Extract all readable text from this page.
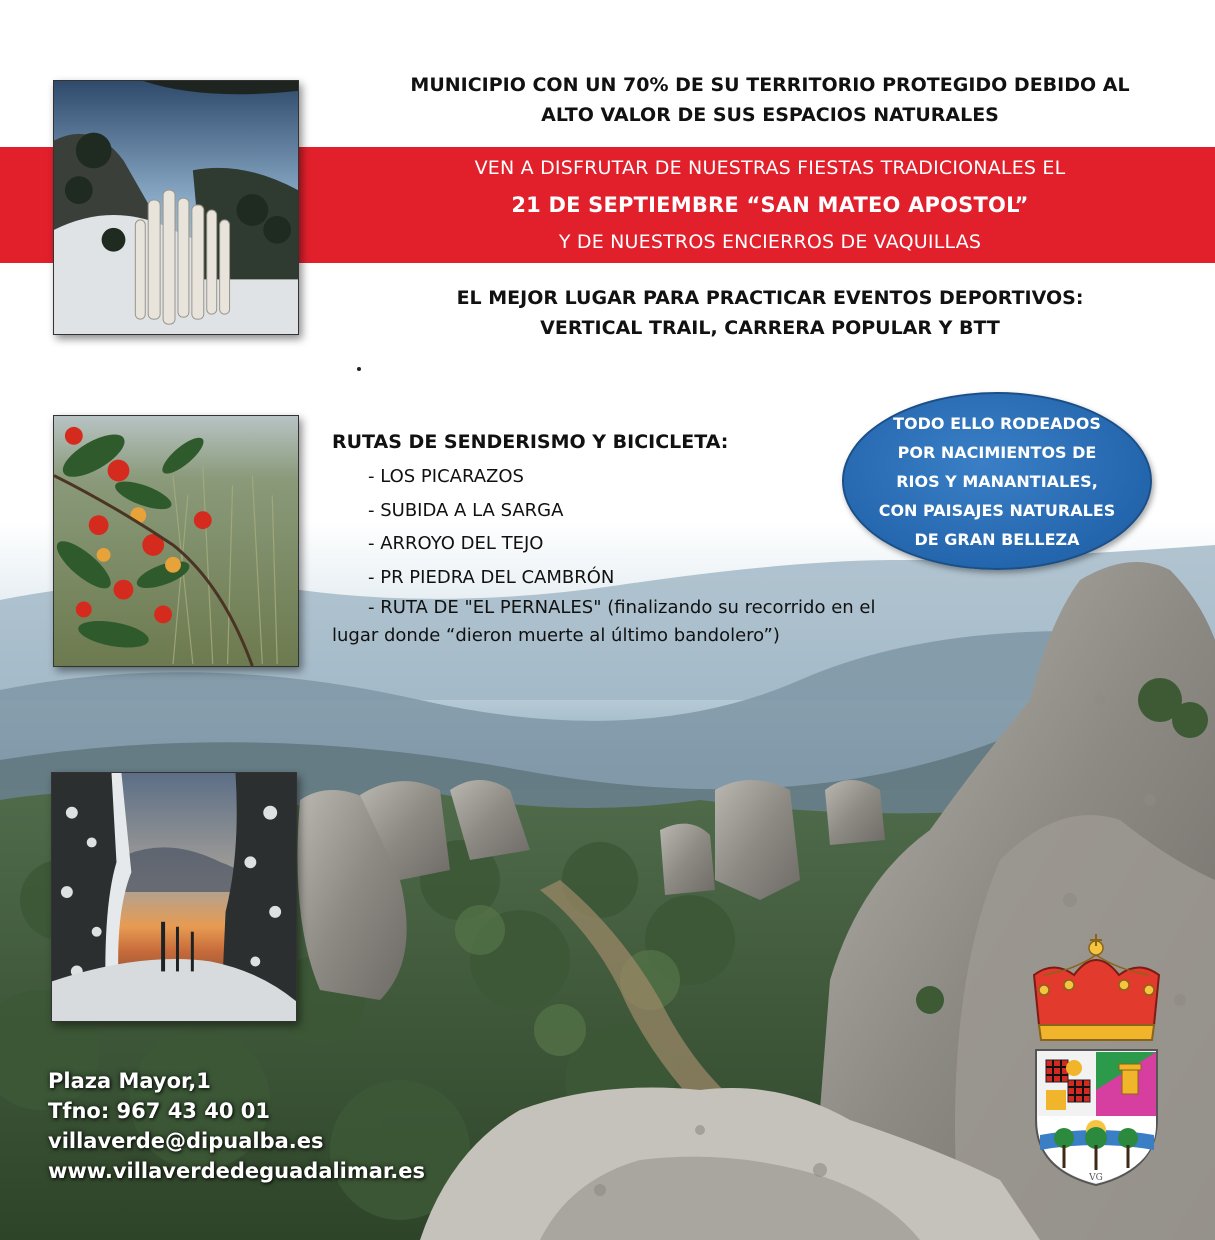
MUNICIPIO CON UN 70% DE SU TERRITORIO PROTEGIDO DEBIDO AL
ALTO VALOR DE SUS ESPACIOS NATURALES
VEN A DISFRUTAR DE NUESTRAS FIESTAS TRADICIONALES EL
21 DE SEPTIEMBRE “SAN MATEO APOSTOL”
Y DE NUESTROS ENCIERROS DE VAQUILLAS
EL MEJOR LUGAR PARA PRACTICAR EVENTOS DEPORTIVOS:
VERTICAL TRAIL, CARRERA POPULAR Y BTT
RUTAS DE SENDERISMO Y BICICLETA:
- LOS PICARAZOS
- SUBIDA A LA SARGA
- ARROYO DEL TEJO
- PR PIEDRA DEL CAMBRÓN
- RUTA DE "EL PERNALES" (finalizando su recorrido en el
lugar donde “dieron muerte al último bandolero”)
TODO ELLO RODEADOS
POR NACIMIENTOS DE
RIOS Y MANANTIALES,
CON PAISAJES NATURALES
DE GRAN BELLEZA
Plaza Mayor,1
Tfno: 967 43 40 01
villaverde@dipualba.es
www.villaverdedeguadalimar.es	VG
